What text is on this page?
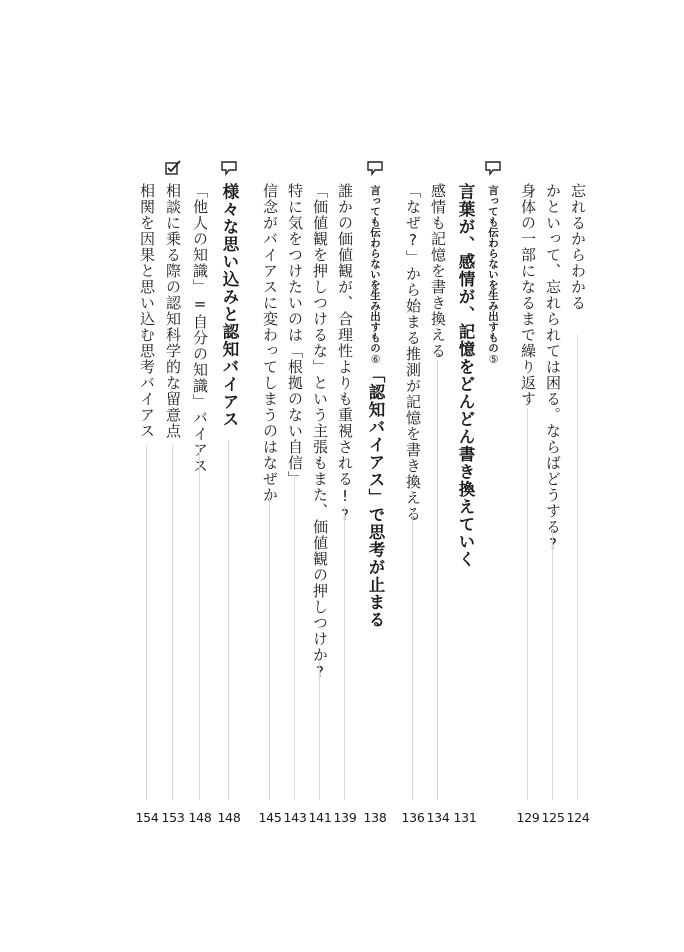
忘れるからわかる
124
かといって、忘れられては困る。ならばどうする?
125
身体の一部になるまで繰り返す
129
言っても伝わらないを生み出すもの⑤
言葉が、感情が、記憶をどんどん書き換えていく
131
感情も記憶を書き換える
134
「なぜ?」から始まる推測が記憶を書き換える
136
言っても伝わらないを生み出すもの⑥「認知バイアス」で思考が止まる
138
誰かの価値観が、合理性よりも重視される!?
139
「価値観を押しつけるな」という主張もまた、価値観の押しつけか?
141
特に気をつけたいのは「根拠のない自信」
143
信念がバイアスに変わってしまうのはなぜか
145
様々な思い込みと認知バイアス
148
「他人の知識」=自分の知識」バイアス
148
相談に乗る際の認知科学的な留意点
153
相関を因果と思い込む思考バイアス
154
